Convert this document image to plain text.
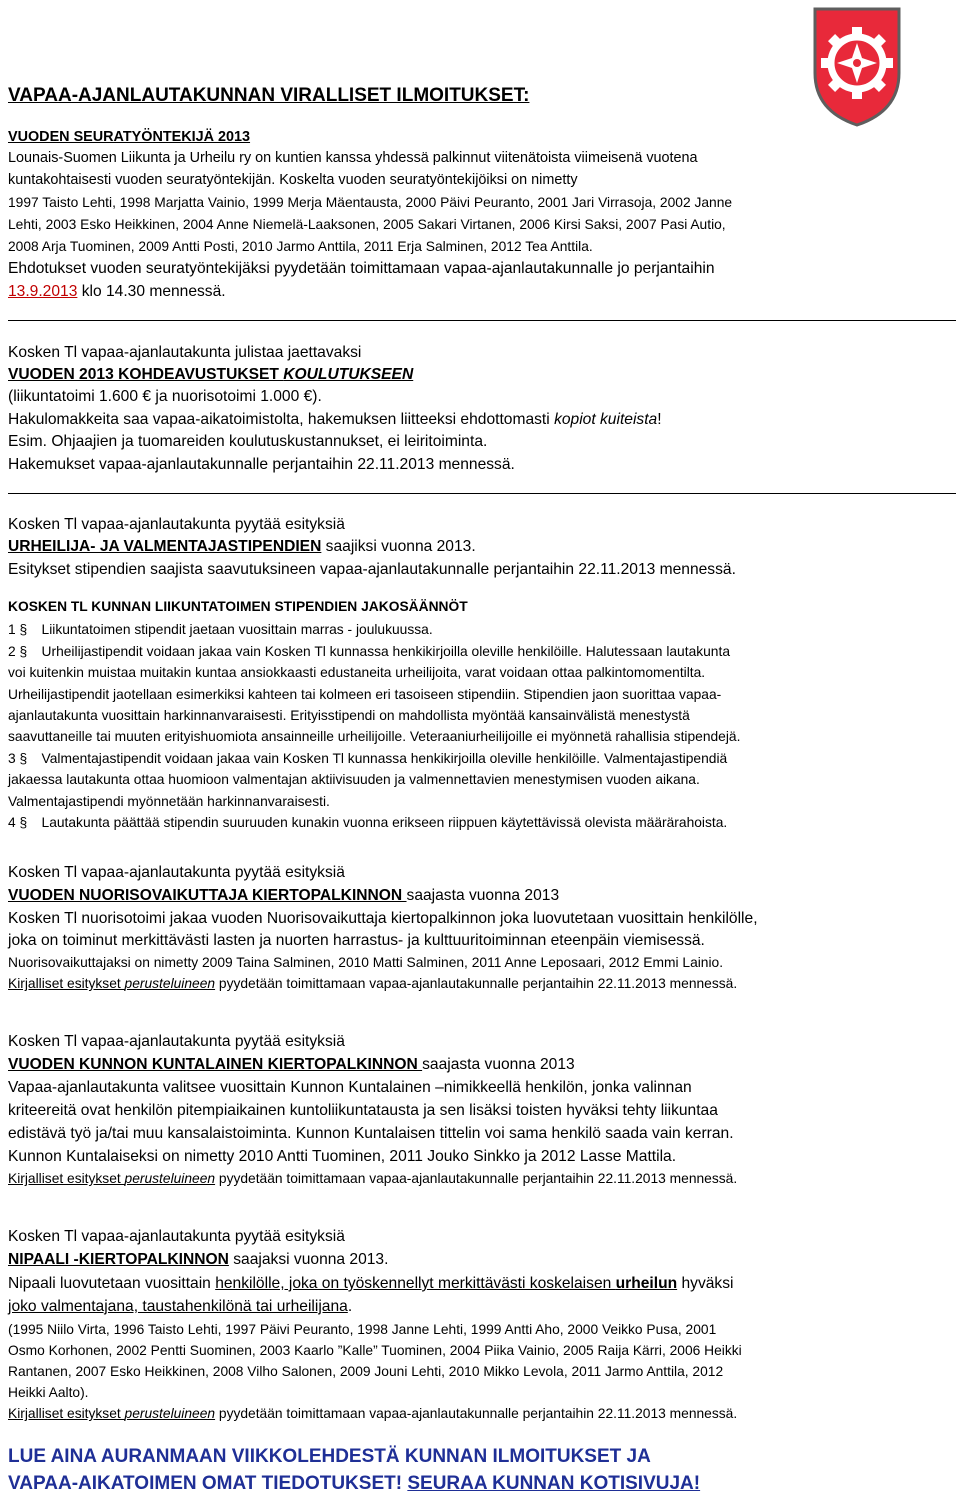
VAPAA-AJANLAUTAKUNNAN VIRALLISET ILMOITUKSET:
VUODEN SEURATYÖNTEKIJÄ 2013
Lounais-Suomen Liikunta ja Urheilu ry on kuntien kanssa yhdessä palkinnut viitenätoista viimeisenä vuotena
kuntakohtaisesti vuoden seuratyöntekijän. Koskelta vuoden seuratyöntekijöiksi on nimetty
1997 Taisto Lehti, 1998 Marjatta Vainio, 1999 Merja Mäentausta, 2000 Päivi Peuranto, 2001 Jari Virrasoja, 2002 Janne
Lehti, 2003 Esko Heikkinen, 2004 Anne Niemelä-Laaksonen, 2005 Sakari Virtanen, 2006 Kirsi Saksi, 2007 Pasi Autio,
2008 Arja Tuominen, 2009 Antti Posti, 2010 Jarmo Anttila, 2011 Erja Salminen, 2012 Tea Anttila.
Ehdotukset vuoden seuratyöntekijäksi pyydetään toimittamaan vapaa-ajanlautakunnalle jo perjantaihin
13.9.2013 klo 14.30 mennessä.
Kosken Tl vapaa-ajanlautakunta julistaa jaettavaksi
VUODEN 2013 KOHDEAVUSTUKSET KOULUTUKSEEN
(liikuntatoimi 1.600 € ja nuorisotoimi 1.000 €).
Hakulomakkeita saa vapaa-aikatoimistolta, hakemuksen liitteeksi ehdottomasti kopiot kuiteista!
Esim. Ohjaajien ja tuomareiden koulutuskustannukset, ei leiritoiminta.
Hakemukset vapaa-ajanlautakunnalle perjantaihin 22.11.2013 mennessä.
Kosken Tl vapaa-ajanlautakunta pyytää esityksiä
URHEILIJA- JA VALMENTAJASTIPENDIEN saajiksi vuonna 2013.
Esitykset stipendien saajista saavutuksineen vapaa-ajanlautakunnalle perjantaihin 22.11.2013 mennessä.
KOSKEN TL KUNNAN LIIKUNTATOIMEN STIPENDIEN JAKOSÄÄNNÖT
1 § Liikuntatoimen stipendit jaetaan vuosittain marras - joulukuussa.
2 § Urheilijastipendit voidaan jakaa vain Kosken Tl kunnassa henkikirjoilla oleville henkilöille. Halutessaan lautakunta
voi kuitenkin muistaa muitakin kuntaa ansiokkaasti edustaneita urheilijoita, varat voidaan ottaa palkintomomentilta.
Urheilijastipendit jaotellaan esimerkiksi kahteen tai kolmeen eri tasoiseen stipendiin. Stipendien jaon suorittaa vapaa-
ajanlautakunta vuosittain harkinnanvaraisesti. Erityisstipendi on mahdollista myöntää kansainvälistä menestystä
saavuttaneille tai muuten erityishuomiota ansainneille urheilijoille. Veteraaniurheilijoille ei myönnetä rahallisia stipendejä.
3 § Valmentajastipendit voidaan jakaa vain Kosken Tl kunnassa henkikirjoilla oleville henkilöille. Valmentajastipendiä
jakaessa lautakunta ottaa huomioon valmentajan aktiivisuuden ja valmennettavien menestymisen vuoden aikana.
Valmentajastipendi myönnetään harkinnanvaraisesti.
4 § Lautakunta päättää stipendin suuruuden kunakin vuonna erikseen riippuen käytettävissä olevista määrärahoista.
Kosken Tl vapaa-ajanlautakunta pyytää esityksiä
VUODEN NUORISOVAIKUTTAJA KIERTOPALKINNON saajasta vuonna 2013
Kosken Tl nuorisotoimi jakaa vuoden Nuorisovaikuttaja kiertopalkinnon joka luovutetaan vuosittain henkilölle,
joka on toiminut merkittävästi lasten ja nuorten harrastus- ja kulttuuritoiminnan eteenpäin viemisessä.
Nuorisovaikuttajaksi on nimetty 2009 Taina Salminen, 2010 Matti Salminen, 2011 Anne Leposaari, 2012 Emmi Lainio.
Kirjalliset esitykset perusteluineen pyydetään toimittamaan vapaa-ajanlautakunnalle perjantaihin 22.11.2013 mennessä.
Kosken Tl vapaa-ajanlautakunta pyytää esityksiä
VUODEN KUNNON KUNTALAINEN KIERTOPALKINNON saajasta vuonna 2013
Vapaa-ajanlautakunta valitsee vuosittain Kunnon Kuntalainen –nimikkeellä henkilön, jonka valinnan
kriteereitä ovat henkilön pitempiaikainen kuntoliikuntatausta ja sen lisäksi toisten hyväksi tehty liikuntaa
edistävä työ ja/tai muu kansalaistoiminta. Kunnon Kuntalaisen tittelin voi sama henkilö saada vain kerran.
Kunnon Kuntalaiseksi on nimetty 2010 Antti Tuominen, 2011 Jouko Sinkko ja 2012 Lasse Mattila.
Kirjalliset esitykset perusteluineen pyydetään toimittamaan vapaa-ajanlautakunnalle perjantaihin 22.11.2013 mennessä.
Kosken Tl vapaa-ajanlautakunta pyytää esityksiä
NIPAALI -KIERTOPALKINNON saajaksi vuonna 2013.
Nipaali luovutetaan vuosittain henkilölle, joka on työskennellyt merkittävästi koskelaisen urheilun hyväksi
joko valmentajana, taustahenkilönä tai urheilijana.
(1995 Niilo Virta, 1996 Taisto Lehti, 1997 Päivi Peuranto, 1998 Janne Lehti, 1999 Antti Aho, 2000 Veikko Pusa, 2001
Osmo Korhonen, 2002 Pentti Suominen, 2003 Kaarlo ”Kalle” Tuominen, 2004 Piika Vainio, 2005 Raija Kärri, 2006 Heikki
Rantanen, 2007 Esko Heikkinen, 2008 Vilho Salonen, 2009 Jouni Lehti, 2010 Mikko Levola, 2011 Jarmo Anttila, 2012
Heikki Aalto).
Kirjalliset esitykset perusteluineen pyydetään toimittamaan vapaa-ajanlautakunnalle perjantaihin 22.11.2013 mennessä.
LUE AINA AURANMAAN VIIKKOLEHDESTÄ KUNNAN ILMOITUKSET JA
VAPAA-AIKATOIMEN OMAT TIEDOTUKSET! SEURAA KUNNAN KOTISIVUJA!
